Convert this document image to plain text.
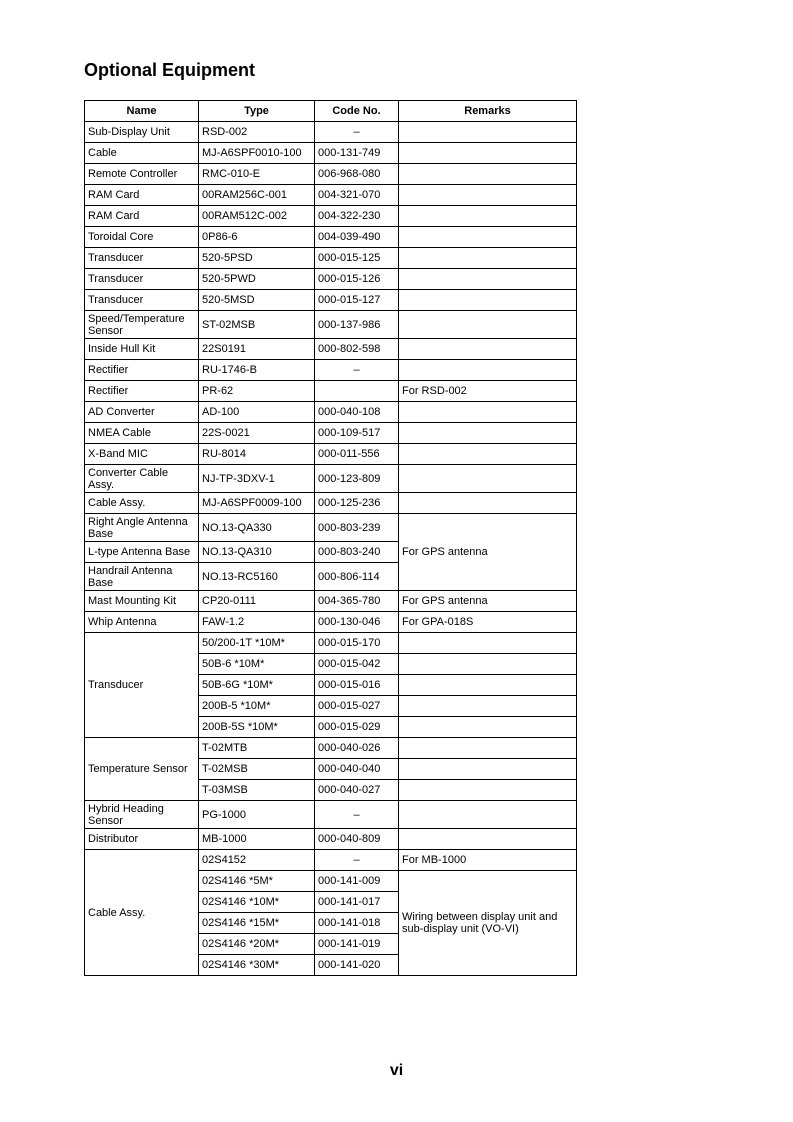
Optional Equipment
Name	Type	Code No.	Remarks
Sub-Display Unit	RSD-002	–	
Cable	MJ-A6SPF0010-100	000-131-749	
Remote Controller	RMC-010-E	006-968-080	
RAM Card	00RAM256C-001	004-321-070	
RAM Card	00RAM512C-002	004-322-230	
Toroidal Core	0P86-6	004-039-490	
Transducer	520-5PSD	000-015-125	
Transducer	520-5PWD	000-015-126	
Transducer	520-5MSD	000-015-127	
Speed/Temperature Sensor	ST-02MSB	000-137-986	
Inside Hull Kit	22S0191	000-802-598	
Rectifier	RU-1746-B	–	
Rectifier	PR-62		For RSD-002
AD Converter	AD-100	000-040-108	
NMEA Cable	22S-0021	000-109-517	
X-Band MIC	RU-8014	000-011-556	
Converter Cable Assy.	NJ-TP-3DXV-1	000-123-809	
Cable Assy.	MJ-A6SPF0009-100	000-125-236	
Right Angle Antenna Base	NO.13-QA330	000-803-239	For GPS antenna
L-type Antenna Base	NO.13-QA310	000-803-240	
Handrail Antenna Base	NO.13-RC5160	000-806-114	
Mast Mounting Kit	CP20-0111	004-365-780	For GPS antenna
Whip Antenna	FAW-1.2	000-130-046	For GPA-018S
Transducer	50/200-1T *10M*	000-015-170	
	50B-6 *10M*	000-015-042	
	50B-6G *10M*	000-015-016	
	200B-5 *10M*	000-015-027	
	200B-5S *10M*	000-015-029	
Temperature Sensor	T-02MTB	000-040-026	
	T-02MSB	000-040-040	
	T-03MSB	000-040-027	
Hybrid Heading Sensor	PG-1000	–	
Distributor	MB-1000	000-040-809	
Cable Assy.	02S4152	–	For MB-1000
	02S4146 *5M*	000-141-009	Wiring between display unit and sub-display unit (VO-VI)
	02S4146 *10M*	000-141-017	
	02S4146 *15M*	000-141-018	
	02S4146 *20M*	000-141-019	
	02S4146 *30M*	000-141-020	
vi
